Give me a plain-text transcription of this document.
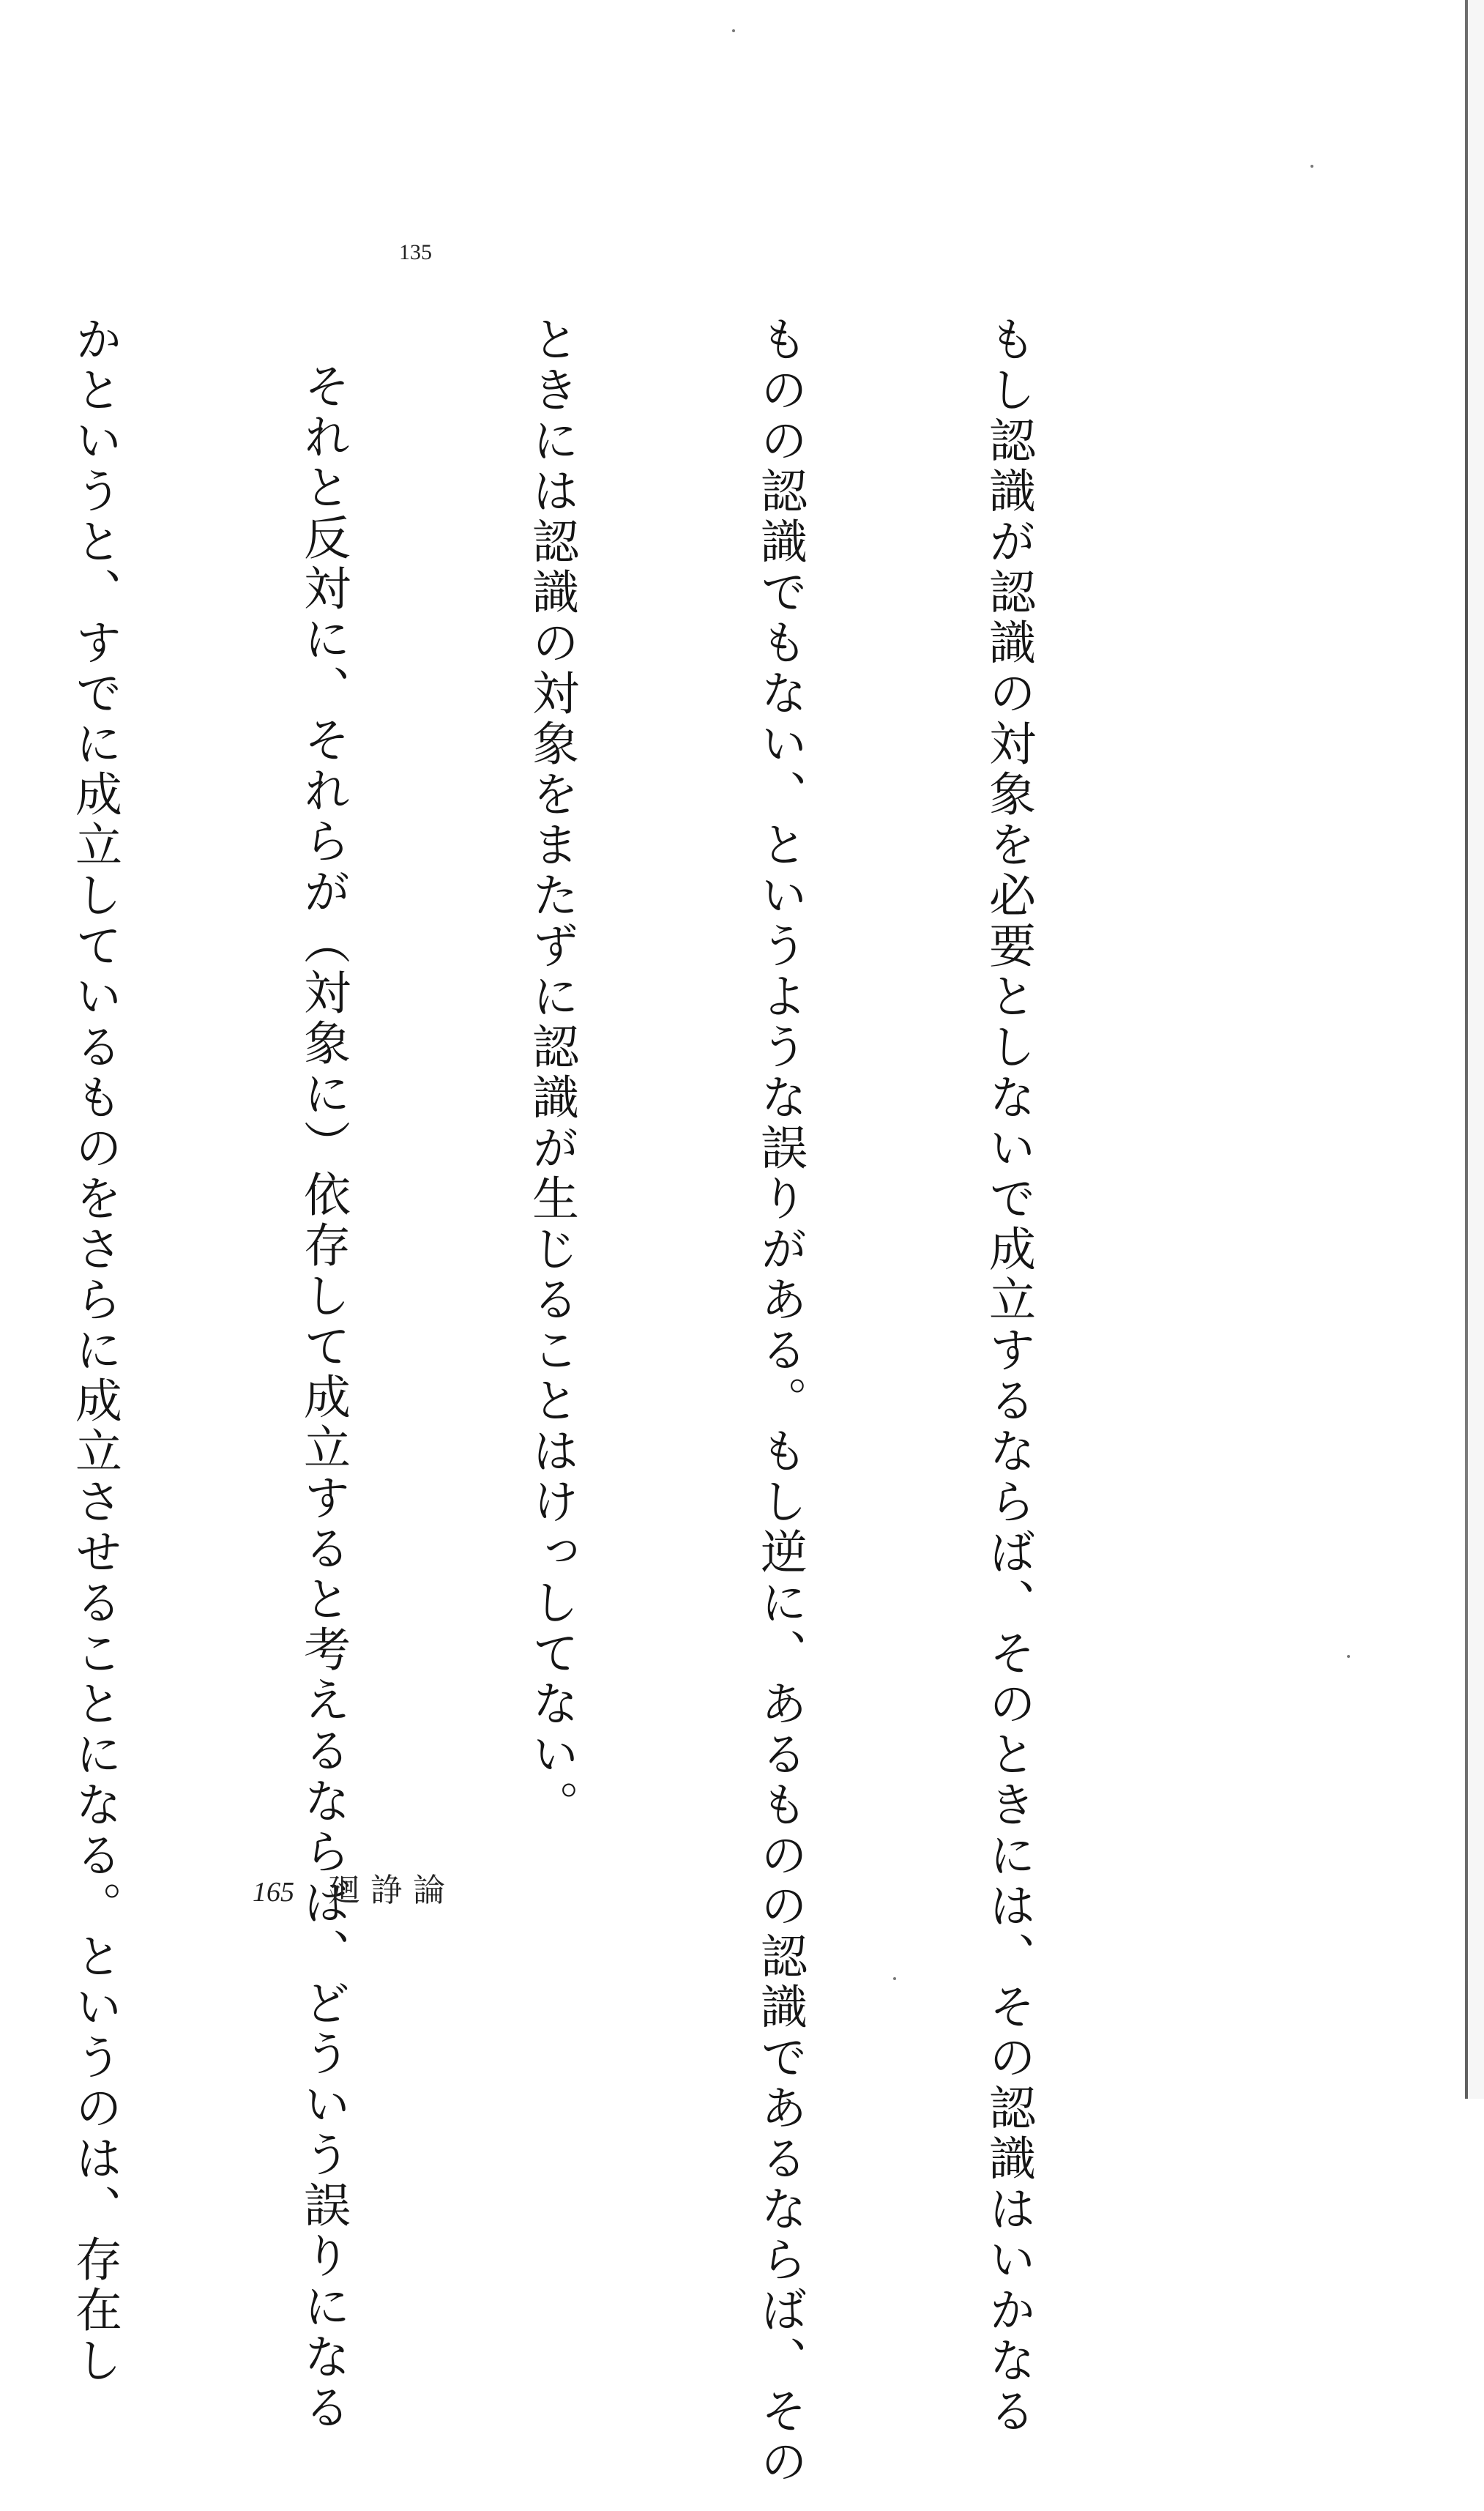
135

もし認識が認識の対象を必要としないで成立するならば、そのときには、その認識はいかなる

ものの認識でもない、というような誤りがある。もし逆に、あるものの認識であるならば、その

ときには認識の対象をまたずに認識が生じることはけっしてない。

それと反対に、それらが（対象に）依存して成立すると考えるならば、どういう誤りになる

かというと、すでに成立しているものをさらに成立させることになる。というのは、存在し

	165 廻諍論
